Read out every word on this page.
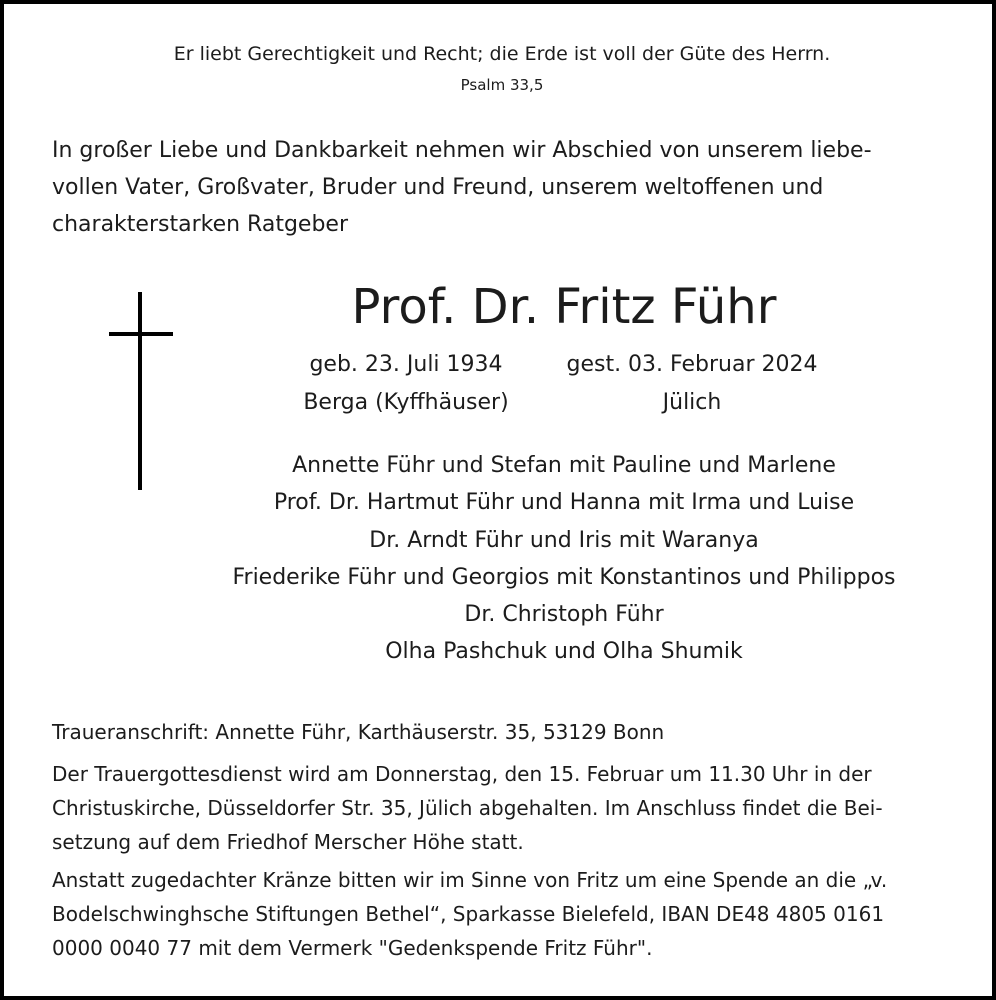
Er liebt Gerechtigkeit und Recht; die Erde ist voll der Güte des Herrn.
Psalm 33,5
In großer Liebe und Dankbarkeit nehmen wir Abschied von unserem liebe-
vollen Vater, Großvater, Bruder und Freund, unserem weltoffenen und
charakterstarken Ratgeber
Prof. Dr. Fritz Führ
geb. 23. Juli 1934
Berga (Kyffhäuser)
gest. 03. Februar 2024
Jülich
Annette Führ und Stefan mit Pauline und Marlene
Prof. Dr. Hartmut Führ und Hanna mit Irma und Luise
Dr. Arndt Führ und Iris mit Waranya
Friederike Führ und Georgios mit Konstantinos und Philippos
Dr. Christoph Führ
Olha Pashchuk und Olha Shumik
Traueranschrift: Annette Führ, Karthäuserstr. 35, 53129 Bonn
Der Trauergottesdienst wird am Donnerstag, den 15. Februar um 11.30 Uhr in der
Christuskirche, Düsseldorfer Str. 35, Jülich abgehalten. Im Anschluss findet die Bei-
setzung auf dem Friedhof Merscher Höhe statt.
Anstatt zugedachter Kränze bitten wir im Sinne von Fritz um eine Spende an die „v.
Bodelschwinghsche Stiftungen Bethel“, Sparkasse Bielefeld, IBAN DE48 4805 0161
0000 0040 77 mit dem Vermerk "Gedenkspende Fritz Führ".
